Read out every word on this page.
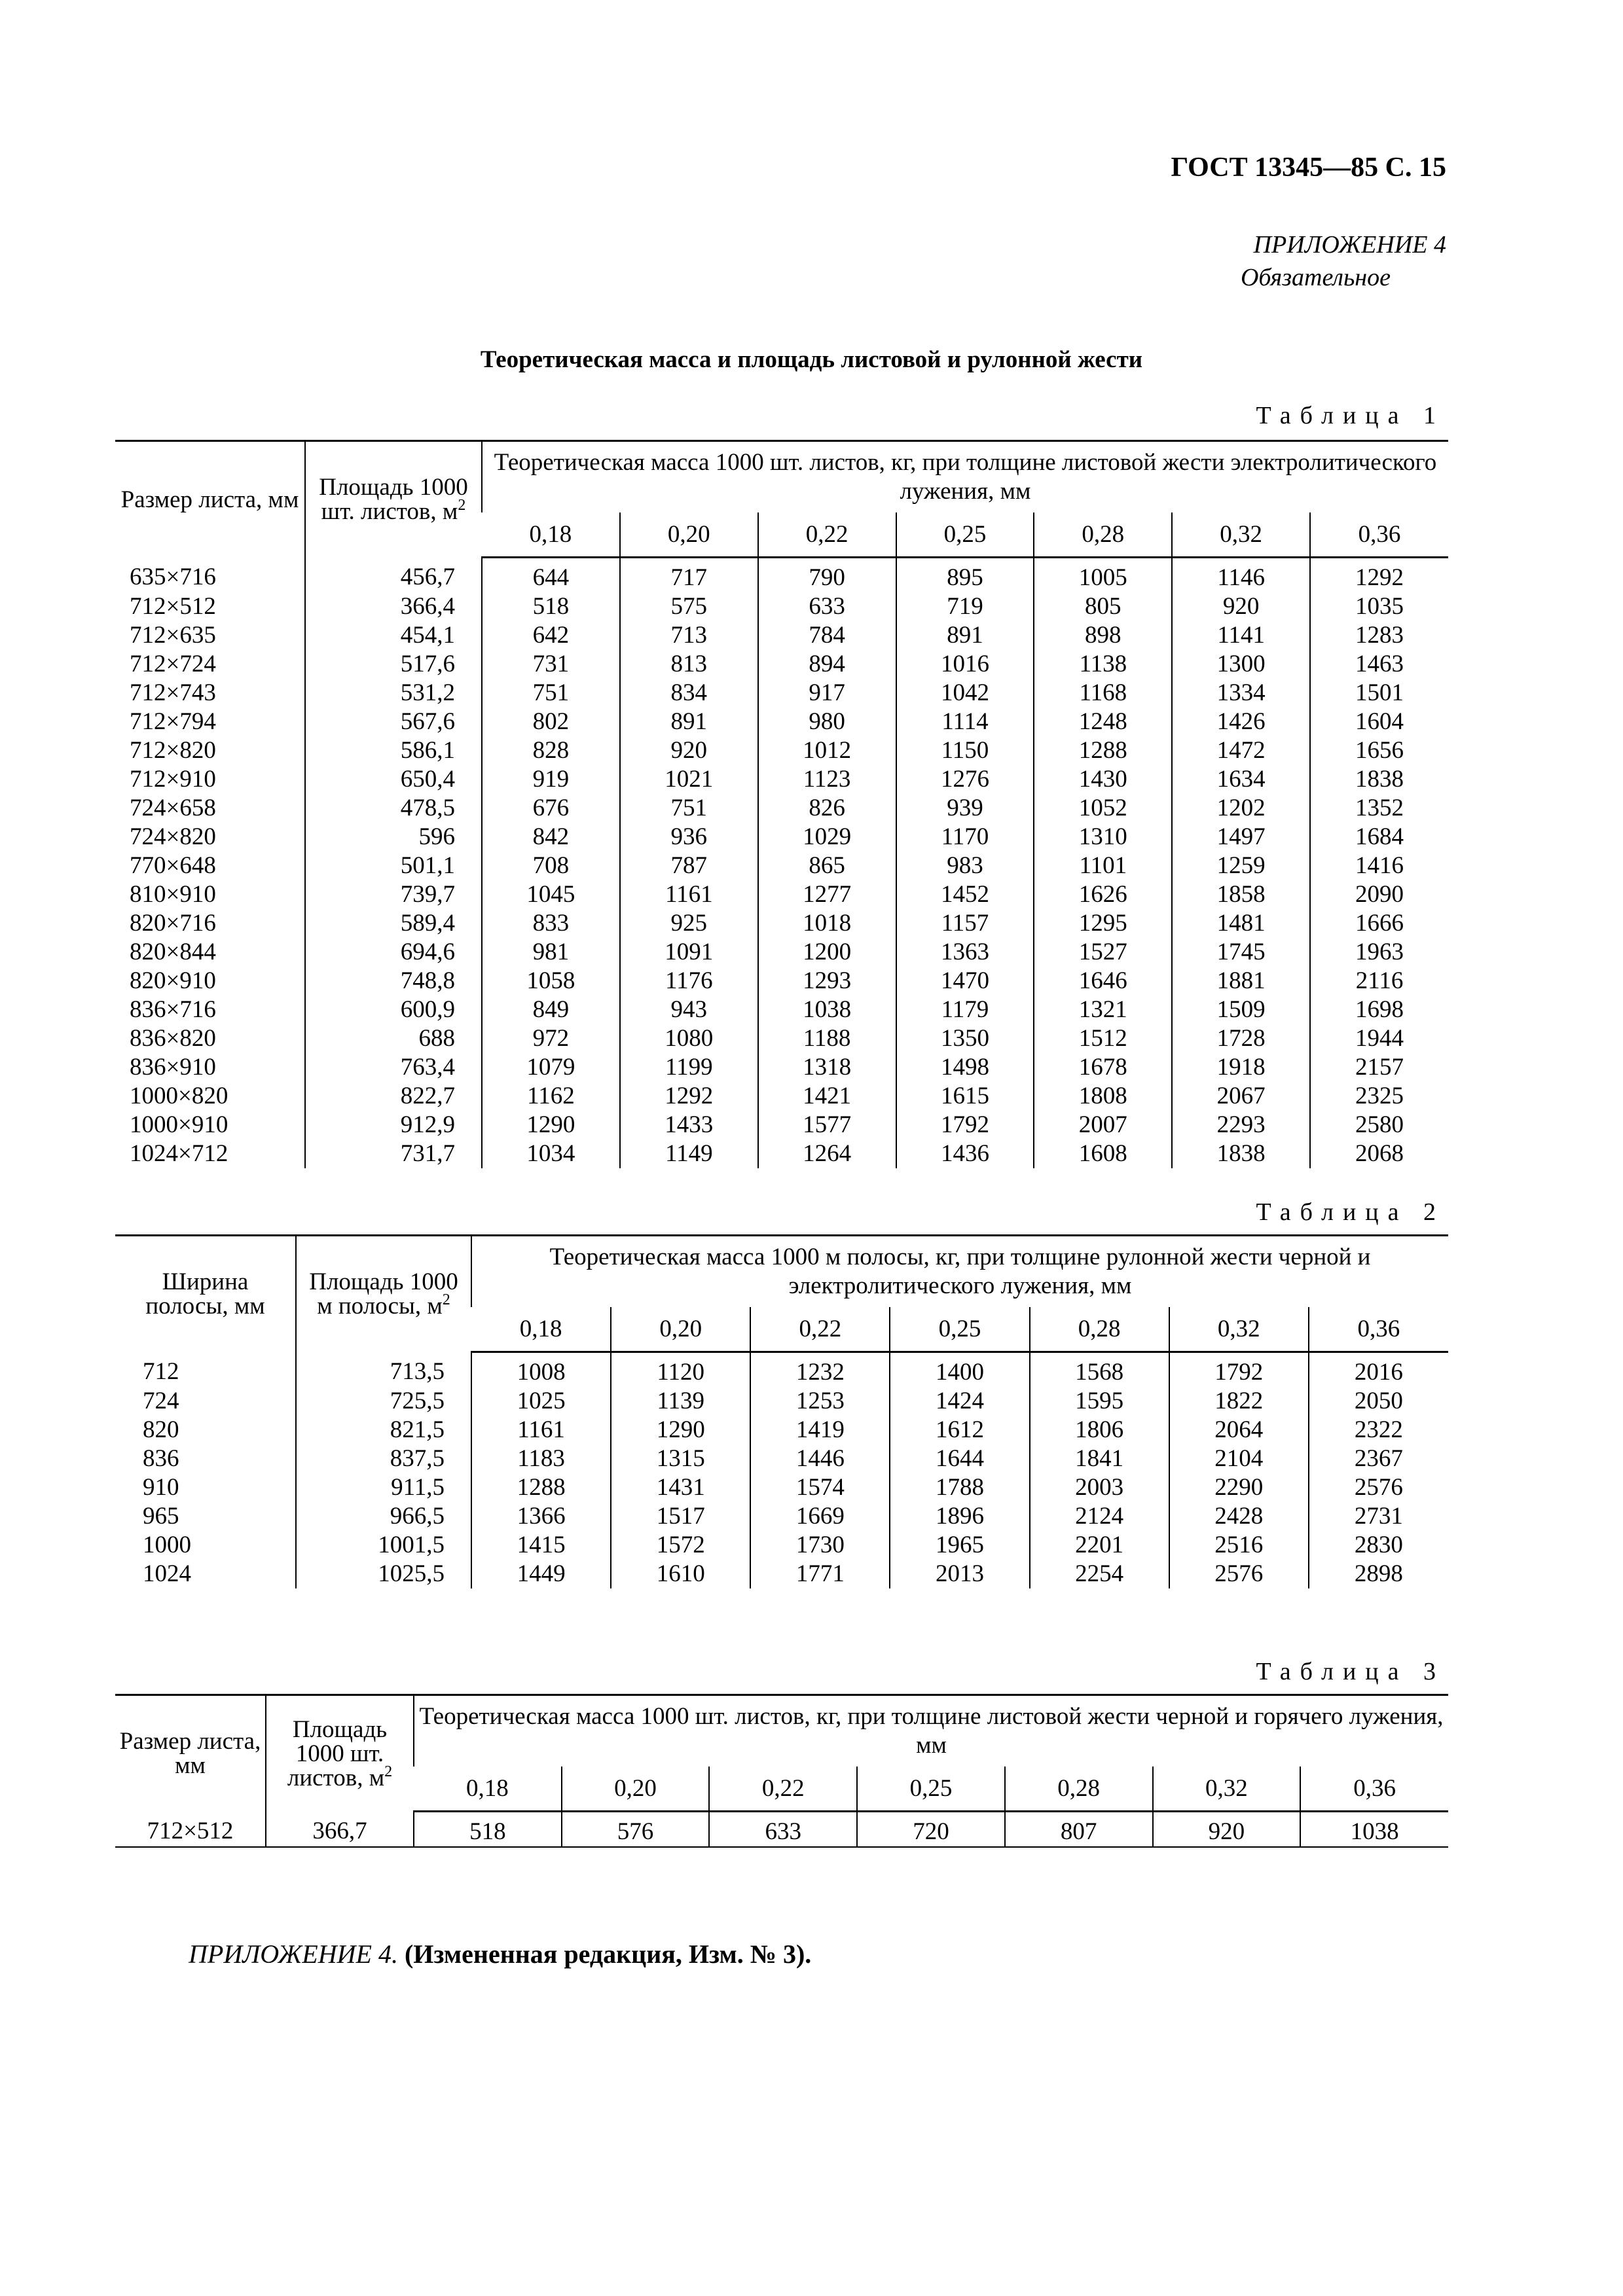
ГОСТ 13345—85 С. 15
ПРИЛОЖЕНИЕ 4
Обязательное
Теоретическая масса и площадь листовой и рулонной жести
Таблица 1
Размер листа, мм	Площадь 1000 шт. листов, $м^2$	Теоретическая масса 1000 шт. листов, кг, при толщине листовой жести электролитического лужения, мм						
		0,18	0,20	0,22	0,25	0,28	0,32	0,36
635×716	456,7	644	717	790	895	1005	1146	1292
712×512	366,4	518	575	633	719	805	920	1035
712×635	454,1	642	713	784	891	898	1141	1283
712×724	517,6	731	813	894	1016	1138	1300	1463
712×743	531,2	751	834	917	1042	1168	1334	1501
712×794	567,6	802	891	980	1114	1248	1426	1604
712×820	586,1	828	920	1012	1150	1288	1472	1656
712×910	650,4	919	1021	1123	1276	1430	1634	1838
724×658	478,5	676	751	826	939	1052	1202	1352
724×820	596	842	936	1029	1170	1310	1497	1684
770×648	501,1	708	787	865	983	1101	1259	1416
810×910	739,7	1045	1161	1277	1452	1626	1858	2090
820×716	589,4	833	925	1018	1157	1295	1481	1666
820×844	694,6	981	1091	1200	1363	1527	1745	1963
820×910	748,8	1058	1176	1293	1470	1646	1881	2116
836×716	600,9	849	943	1038	1179	1321	1509	1698
836×820	688	972	1080	1188	1350	1512	1728	1944
836×910	763,4	1079	1199	1318	1498	1678	1918	2157
1000×820	822,7	1162	1292	1421	1615	1808	2067	2325
1000×910	912,9	1290	1433	1577	1792	2007	2293	2580
1024×712	731,7	1034	1149	1264	1436	1608	1838	2068
Таблица 2
Ширина полосы, мм	Площадь 1000 м полосы, $м^2$	Теоретическая масса 1000 м полосы, кг, при толщине рулонной жести черной и электролитического лужения, мм						
		0,18	0,20	0,22	0,25	0,28	0,32	0,36
712	713,5	1008	1120	1232	1400	1568	1792	2016
724	725,5	1025	1139	1253	1424	1595	1822	2050
820	821,5	1161	1290	1419	1612	1806	2064	2322
836	837,5	1183	1315	1446	1644	1841	2104	2367
910	911,5	1288	1431	1574	1788	2003	2290	2576
965	966,5	1366	1517	1669	1896	2124	2428	2731
1000	1001,5	1415	1572	1730	1965	2201	2516	2830
1024	1025,5	1449	1610	1771	2013	2254	2576	2898
Таблица 3
Размер листа, мм	Площадь 1000 шт. листов, $м^2$	Теоретическая масса 1000 шт. листов, кг, при толщине листовой жести черной и горячего лужения, мм						
		0,18	0,20	0,22	0,25	0,28	0,32	0,36
712×512	366,7	518	576	633	720	807	920	1038
ПРИЛОЖЕНИЕ 4. (Измененная редакция, Изм. № 3).
